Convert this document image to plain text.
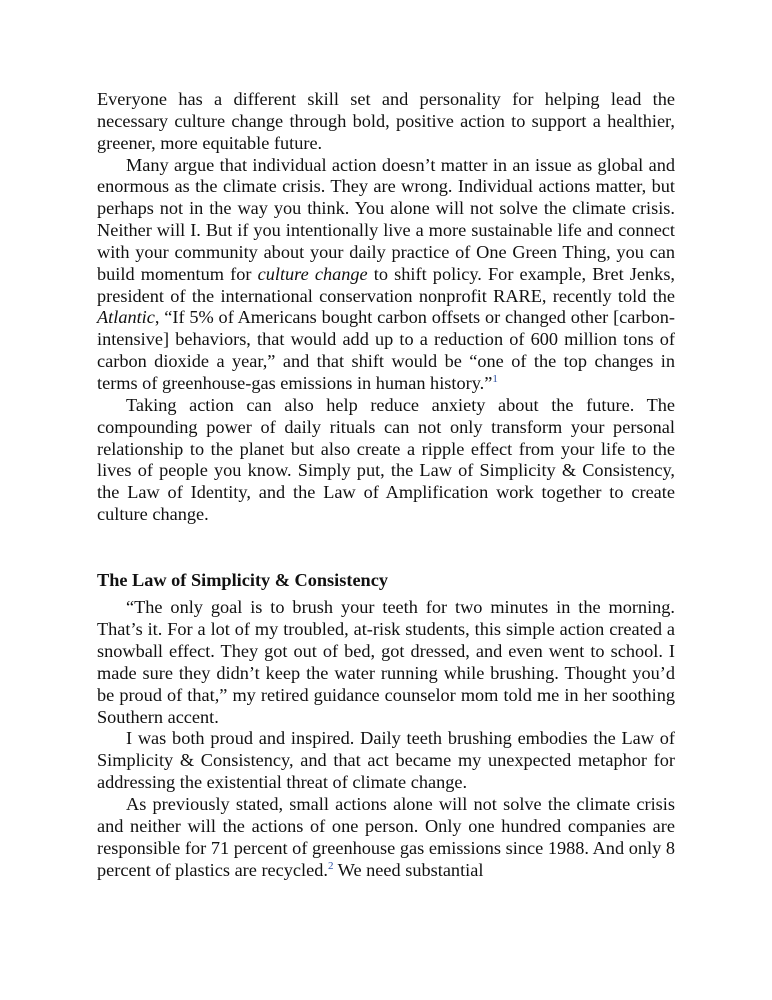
Everyone has a different skill set and personality for helping lead the necessary culture change through bold, positive action to support a healthier, greener, more equitable future.

Many argue that individual action doesn’t matter in an issue as global and enormous as the climate crisis. They are wrong. Individual actions matter, but perhaps not in the way you think. You alone will not solve the climate crisis. Neither will I. But if you intentionally live a more sustainable life and connect with your community about your daily practice of One Green Thing, you can build momentum for culture change to shift policy. For example, Bret Jenks, president of the international conservation nonprofit RARE, recently told the Atlantic, “If 5% of Americans bought carbon offsets or changed other [carbon-intensive] behaviors, that would add up to a reduction of 600 million tons of carbon dioxide a year,” and that shift would be “one of the top changes in terms of greenhouse-gas emissions in human history.”$^1$

Taking action can also help reduce anxiety about the future. The compounding power of daily rituals can not only transform your personal relationship to the planet but also create a ripple effect from your life to the lives of people you know. Simply put, the Law of Simplicity & Consistency, the Law of Identity, and the Law of Amplification work together to create culture change.

The Law of Simplicity & Consistency

“The only goal is to brush your teeth for two minutes in the morning. That’s it. For a lot of my troubled, at-risk students, this simple action created a snowball effect. They got out of bed, got dressed, and even went to school. I made sure they didn’t keep the water running while brushing. Thought you’d be proud of that,” my retired guidance counselor mom told me in her soothing Southern accent.

I was both proud and inspired. Daily teeth brushing embodies the Law of Simplicity & Consistency, and that act became my unexpected metaphor for addressing the existential threat of climate change.

As previously stated, small actions alone will not solve the climate crisis and neither will the actions of one person. Only one hundred companies are responsible for 71 percent of greenhouse gas emissions since 1988. And only 8 percent of plastics are recycled.$^2$ We need substantial
